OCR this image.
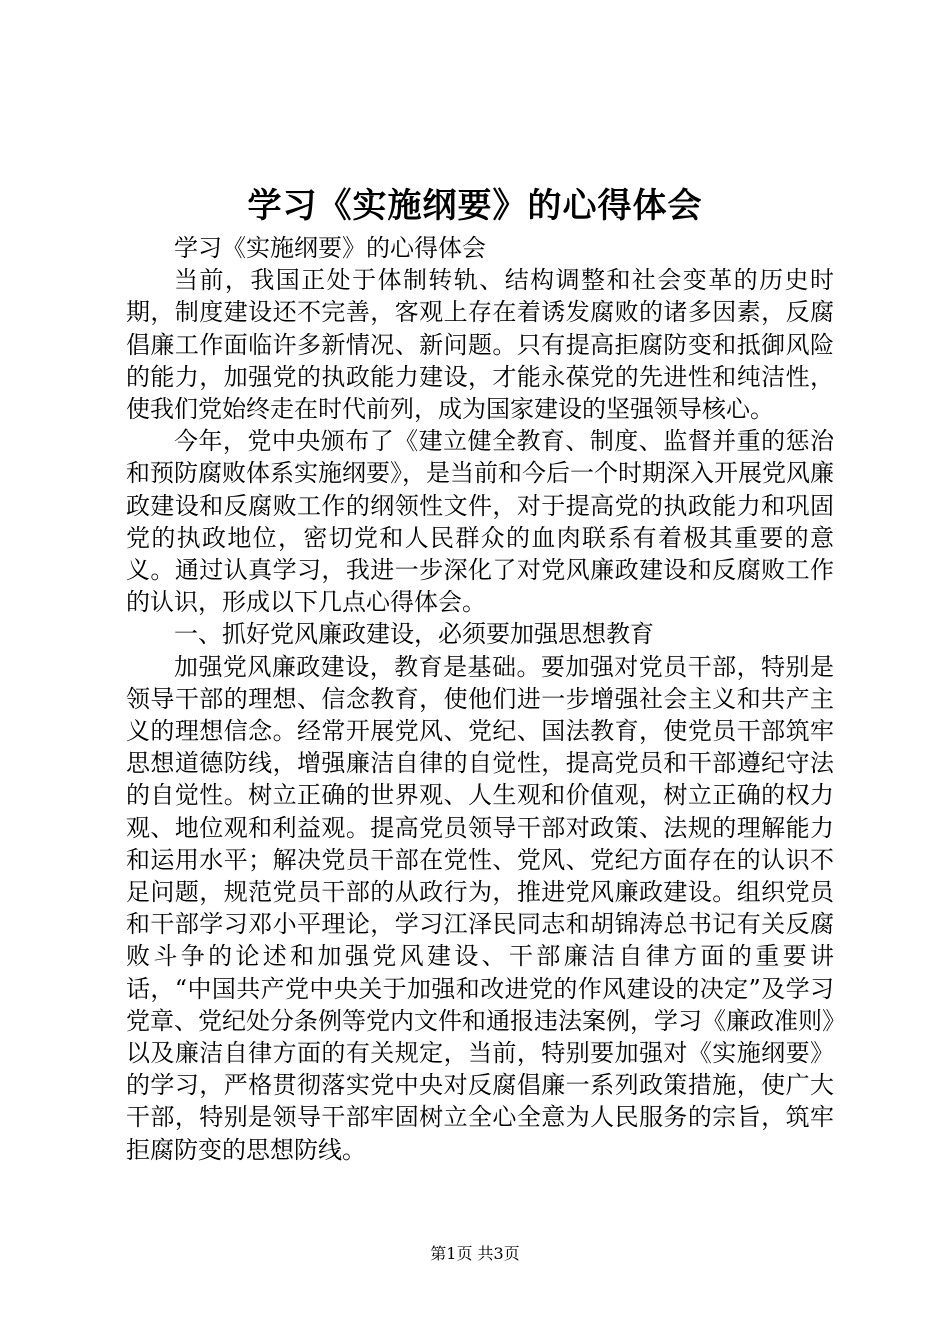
学习《实施纲要》的心得体会

学习《实施纲要》的心得体会

当前，我国正处于体制转轨、结构调整和社会变革的历史时期，制度建设还不完善，客观上存在着诱发腐败的诸多因素，反腐倡廉工作面临许多新情况、新问题。只有提高拒腐防变和抵御风险的能力，加强党的执政能力建设，才能永葆党的先进性和纯洁性，使我们党始终走在时代前列，成为国家建设的坚强领导核心。

今年，党中央颁布了《建立健全教育、制度、监督并重的惩治和预防腐败体系实施纲要》，是当前和今后一个时期深入开展党风廉政建设和反腐败工作的纲领性文件，对于提高党的执政能力和巩固党的执政地位，密切党和人民群众的血肉联系有着极其重要的意义。通过认真学习，我进一步深化了对党风廉政建设和反腐败工作的认识，形成以下几点心得体会。

一、抓好党风廉政建设，必须要加强思想教育

加强党风廉政建设，教育是基础。要加强对党员干部，特别是领导干部的理想、信念教育，使他们进一步增强社会主义和共产主义的理想信念。经常开展党风、党纪、国法教育，使党员干部筑牢思想道德防线，增强廉洁自律的自觉性，提高党员和干部遵纪守法的自觉性。树立正确的世界观、人生观和价值观，树立正确的权力观、地位观和利益观。提高党员领导干部对政策、法规的理解能力和运用水平；解决党员干部在党性、党风、党纪方面存在的认识不足问题，规范党员干部的从政行为，推进党风廉政建设。组织党员和干部学习邓小平理论，学习江泽民同志和胡锦涛总书记有关反腐败斗争的论述和加强党风建设、干部廉洁自律方面的重要讲话，“中国共产党中央关于加强和改进党的作风建设的决定”及学习党章、党纪处分条例等党内文件和通报违法案例，学习《廉政准则》以及廉洁自律方面的有关规定，当前，特别要加强对《实施纲要》的学习，严格贯彻落实党中央对反腐倡廉一系列政策措施，使广大干部，特别是领导干部牢固树立全心全意为人民服务的宗旨，筑牢拒腐防变的思想防线。

第1页 共3页
